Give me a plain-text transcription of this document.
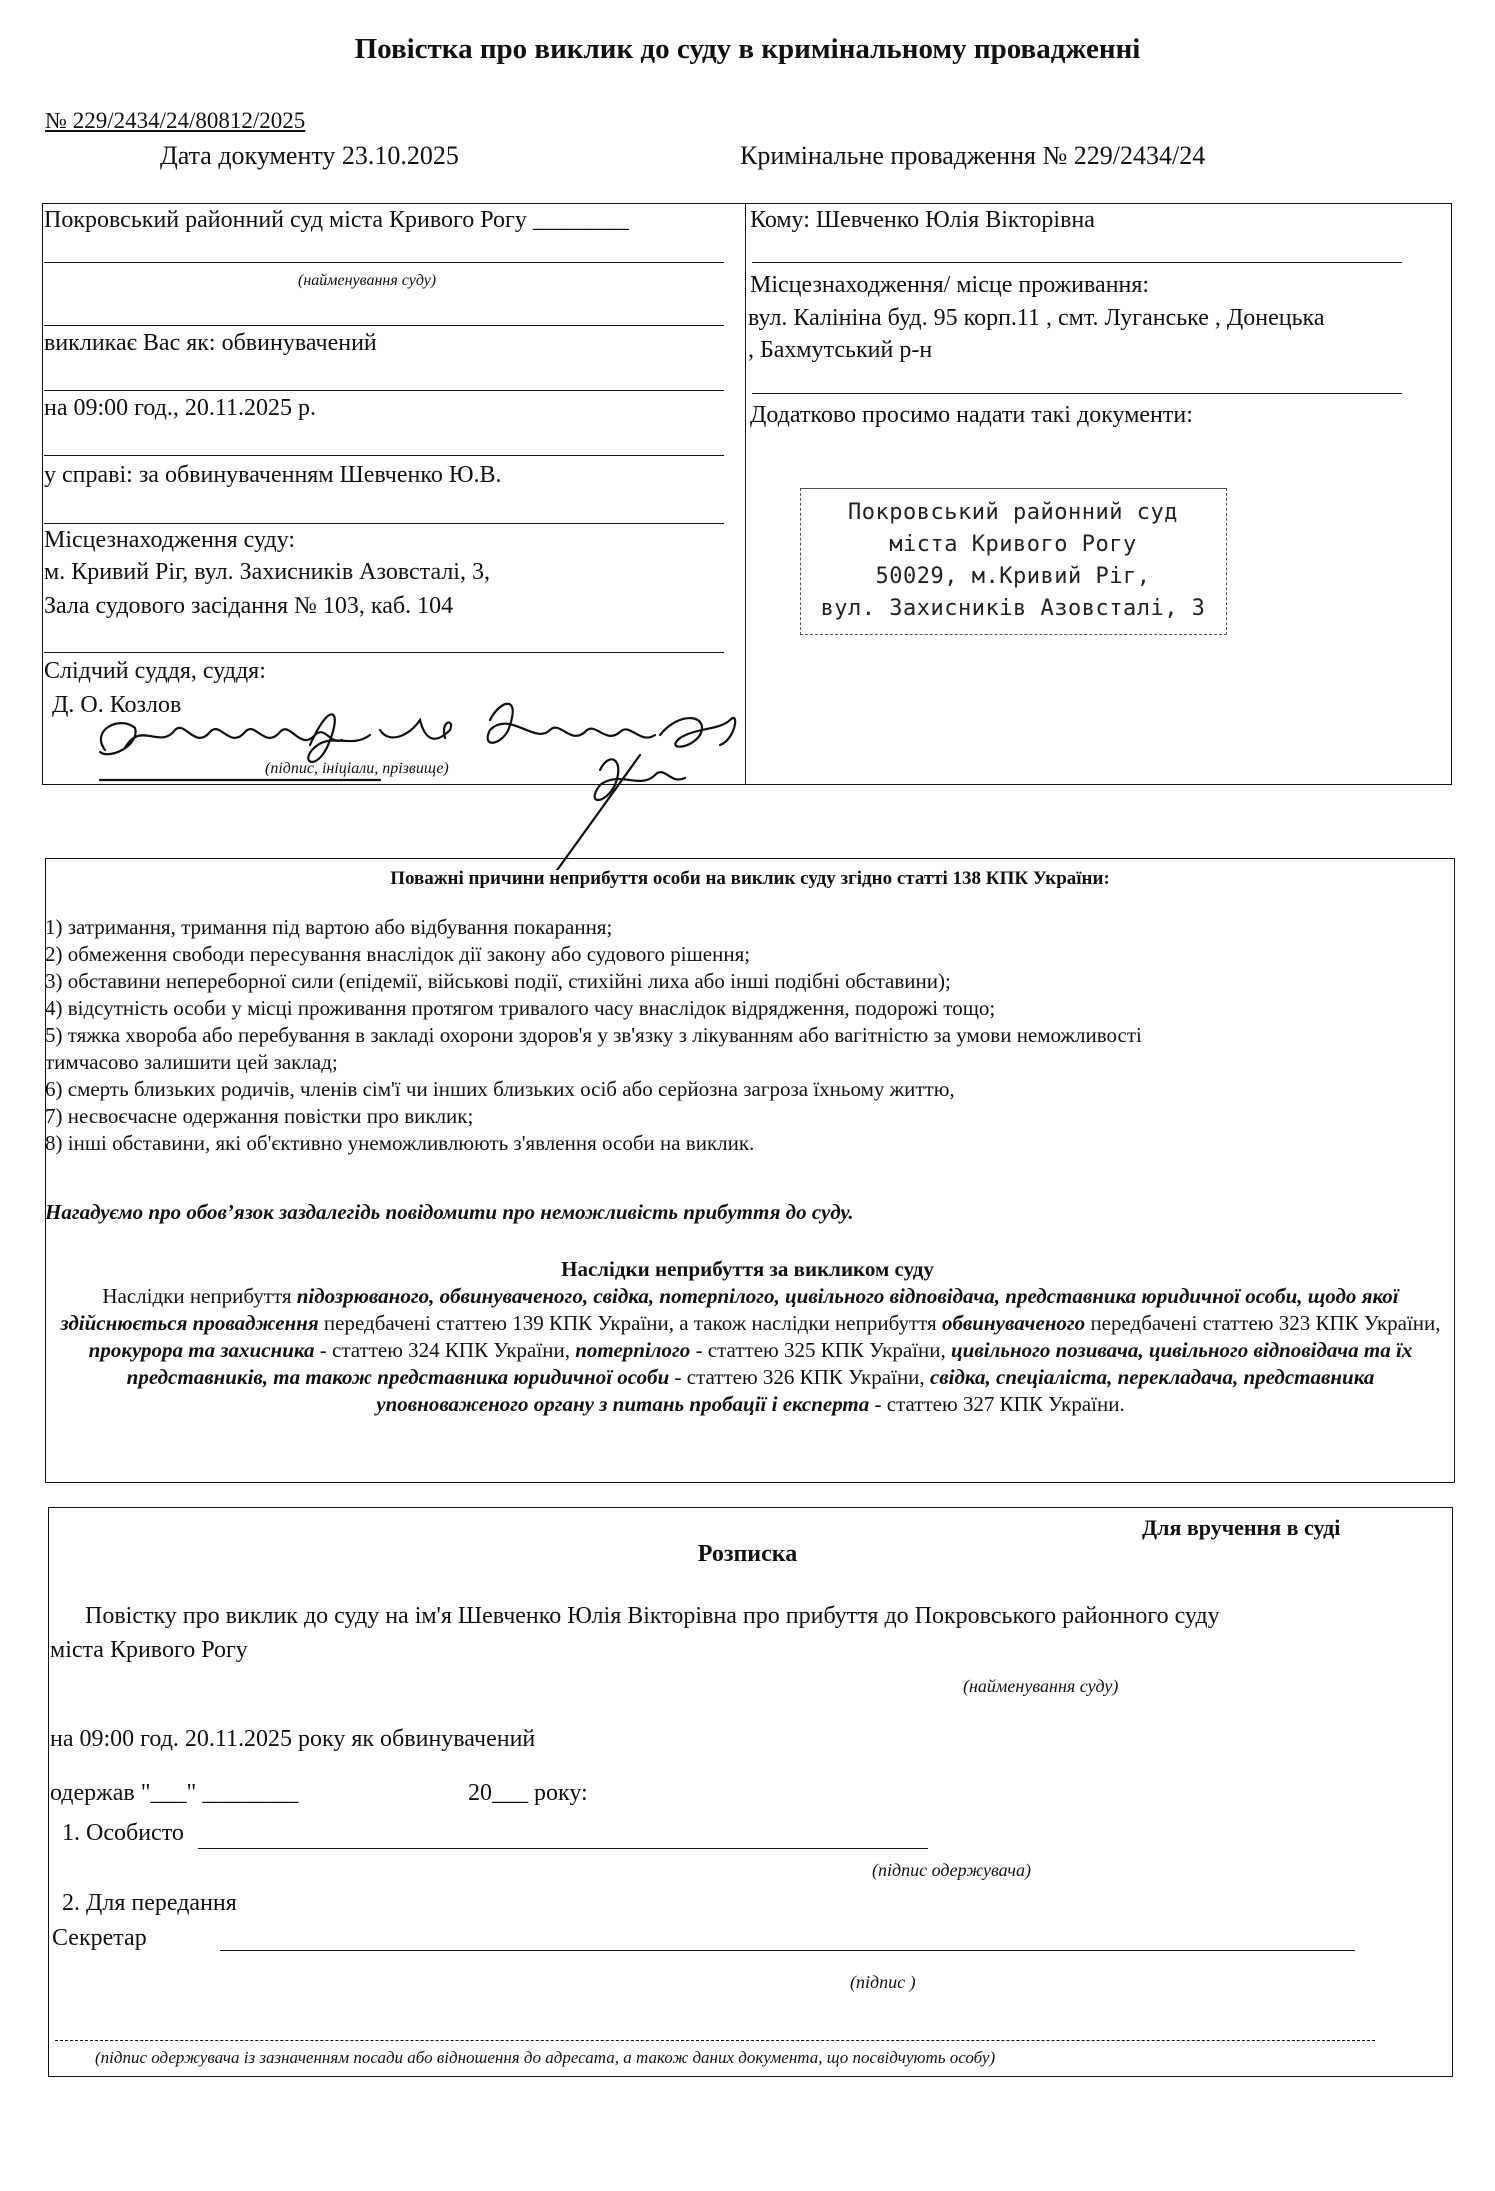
Повістка про виклик до суду в кримінальному провадженні
№ 229/2434/24/80812/2025
Дата документу 23.10.2025	Кримінальне провадження № 229/2434/24
Покровський районний суд міста Кривого Рогу ________
(найменування суду)
викликає Вас як: обвинувачений
на 09:00 год., 20.11.2025 р.
у справі: за обвинуваченням Шевченко Ю.В.
Місцезнаходження суду:
м. Кривий Ріг, вул. Захисників Азовсталі, 3,
Зала судового засідання № 103, каб. 104
Слідчий суддя, суддя:
Д. О. Козлов
(підпис, ініціали, прізвище)
Кому: Шевченко Юлія Вікторівна
Місцезнаходження/ місце проживання:
вул. Калініна буд. 95 корп.11 , смт. Луганське , Донецька
, Бахмутський р-н
Додатково просимо надати такі документи:
Покровський районний суд
міста Кривого Рогу
50029, м.Кривий Ріг,
вул. Захисників Азовсталі, 3
Поважні причини неприбуття особи на виклик суду згідно статті 138 КПК України:
1) затримання, тримання під вартою або відбування покарання;
2) обмеження свободи пересування внаслідок дії закону або судового рішення;
3) обставини непереборної сили (епідемії, військові події, стихійні лиха або інші подібні обставини);
4) відсутність особи у місці проживання протягом тривалого часу внаслідок відрядження, подорожі тощо;
5) тяжка хвороба або перебування в закладі охорони здоров'я у зв'язку з лікуванням або вагітністю за умови неможливості
тимчасово залишити цей заклад;
6) смерть близьких родичів, членів сім'ї чи інших близьких осіб або серйозна загроза їхньому життю,
7) несвоєчасне одержання повістки про виклик;
8) інші обставини, які об'єктивно унеможливлюють з'явлення особи на виклик.
Нагадуємо про обов’язок заздалегідь повідомити про неможливість прибуття до суду.
Наслідки неприбуття за викликом суду
Наслідки неприбуття підозрюваного, обвинуваченого, свідка, потерпілого, цивільного відповідача, представника юридичної особи, щодо якої здійснюється провадження передбачені статтею 139 КПК України, а також наслідки неприбуття обвинуваченого передбачені статтею 323 КПК України, прокурора та захисника - статтею 324 КПК України, потерпілого - статтею 325 КПК України, цивільного позивача, цивільного відповідача та їх представників, та також представника юридичної особи - статтею 326 КПК України, свідка, спеціаліста, перекладача, представника уповноваженого органу з питань пробації і експерта - статтею 327 КПК України.
Для вручення в суді
Розписка
Повістку про виклик до суду на ім'я Шевченко Юлія Вікторівна про прибуття до Покровського районного суду
міста Кривого Рогу
(найменування суду)
на 09:00 год. 20.11.2025 року як обвинувачений
одержав "___" ________	20___ року:
1. Особисто
(підпис одержувача)
2. Для передання
Секретар
(підпис )
(підпис одержувача із зазначенням посади або відношення до адресата, а також даних документа, що посвідчують особу)
